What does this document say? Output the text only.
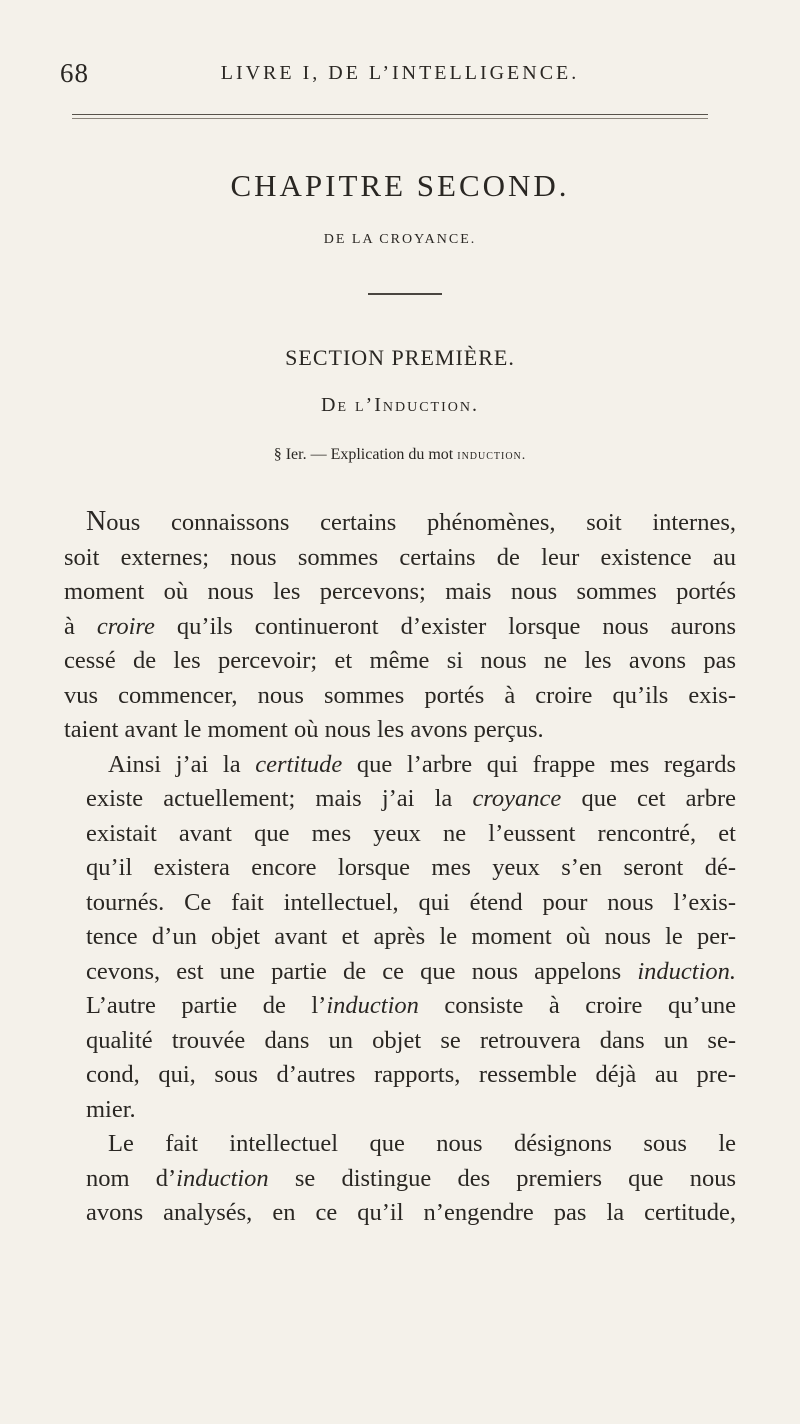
68	LIVRE I, DE L’INTELLIGENCE.
CHAPITRE SECOND.
DE LA CROYANCE.
SECTION PREMIÈRE.
De l’Induction.
§ Ier. — Explication du mot induction.

Nous connaissons certains phénomènes, soit internes,
soit externes; nous sommes certains de leur existence au
moment où nous les percevons; mais nous sommes portés
à croire qu’ils continueront d’exister lorsque nous aurons
cessé de les percevoir; et même si nous ne les avons pas
vus commencer, nous sommes portés à croire qu’ils exis-
taient avant le moment où nous les avons perçus.

Ainsi j’ai la certitude que l’arbre qui frappe mes regards
existe actuellement; mais j’ai la croyance que cet arbre
existait avant que mes yeux ne l’eussent rencontré, et
qu’il existera encore lorsque mes yeux s’en seront dé-
tournés. Ce fait intellectuel, qui étend pour nous l’exis-
tence d’un objet avant et après le moment où nous le per-
cevons, est une partie de ce que nous appelons induction.
L’autre partie de l’induction consiste à croire qu’une
qualité trouvée dans un objet se retrouvera dans un se-
cond, qui, sous d’autres rapports, ressemble déjà au pre-
mier.

Le fait intellectuel que nous désignons sous le
nom d’induction se distingue des premiers que nous
avons analysés, en ce qu’il n’engendre pas la certitude,
